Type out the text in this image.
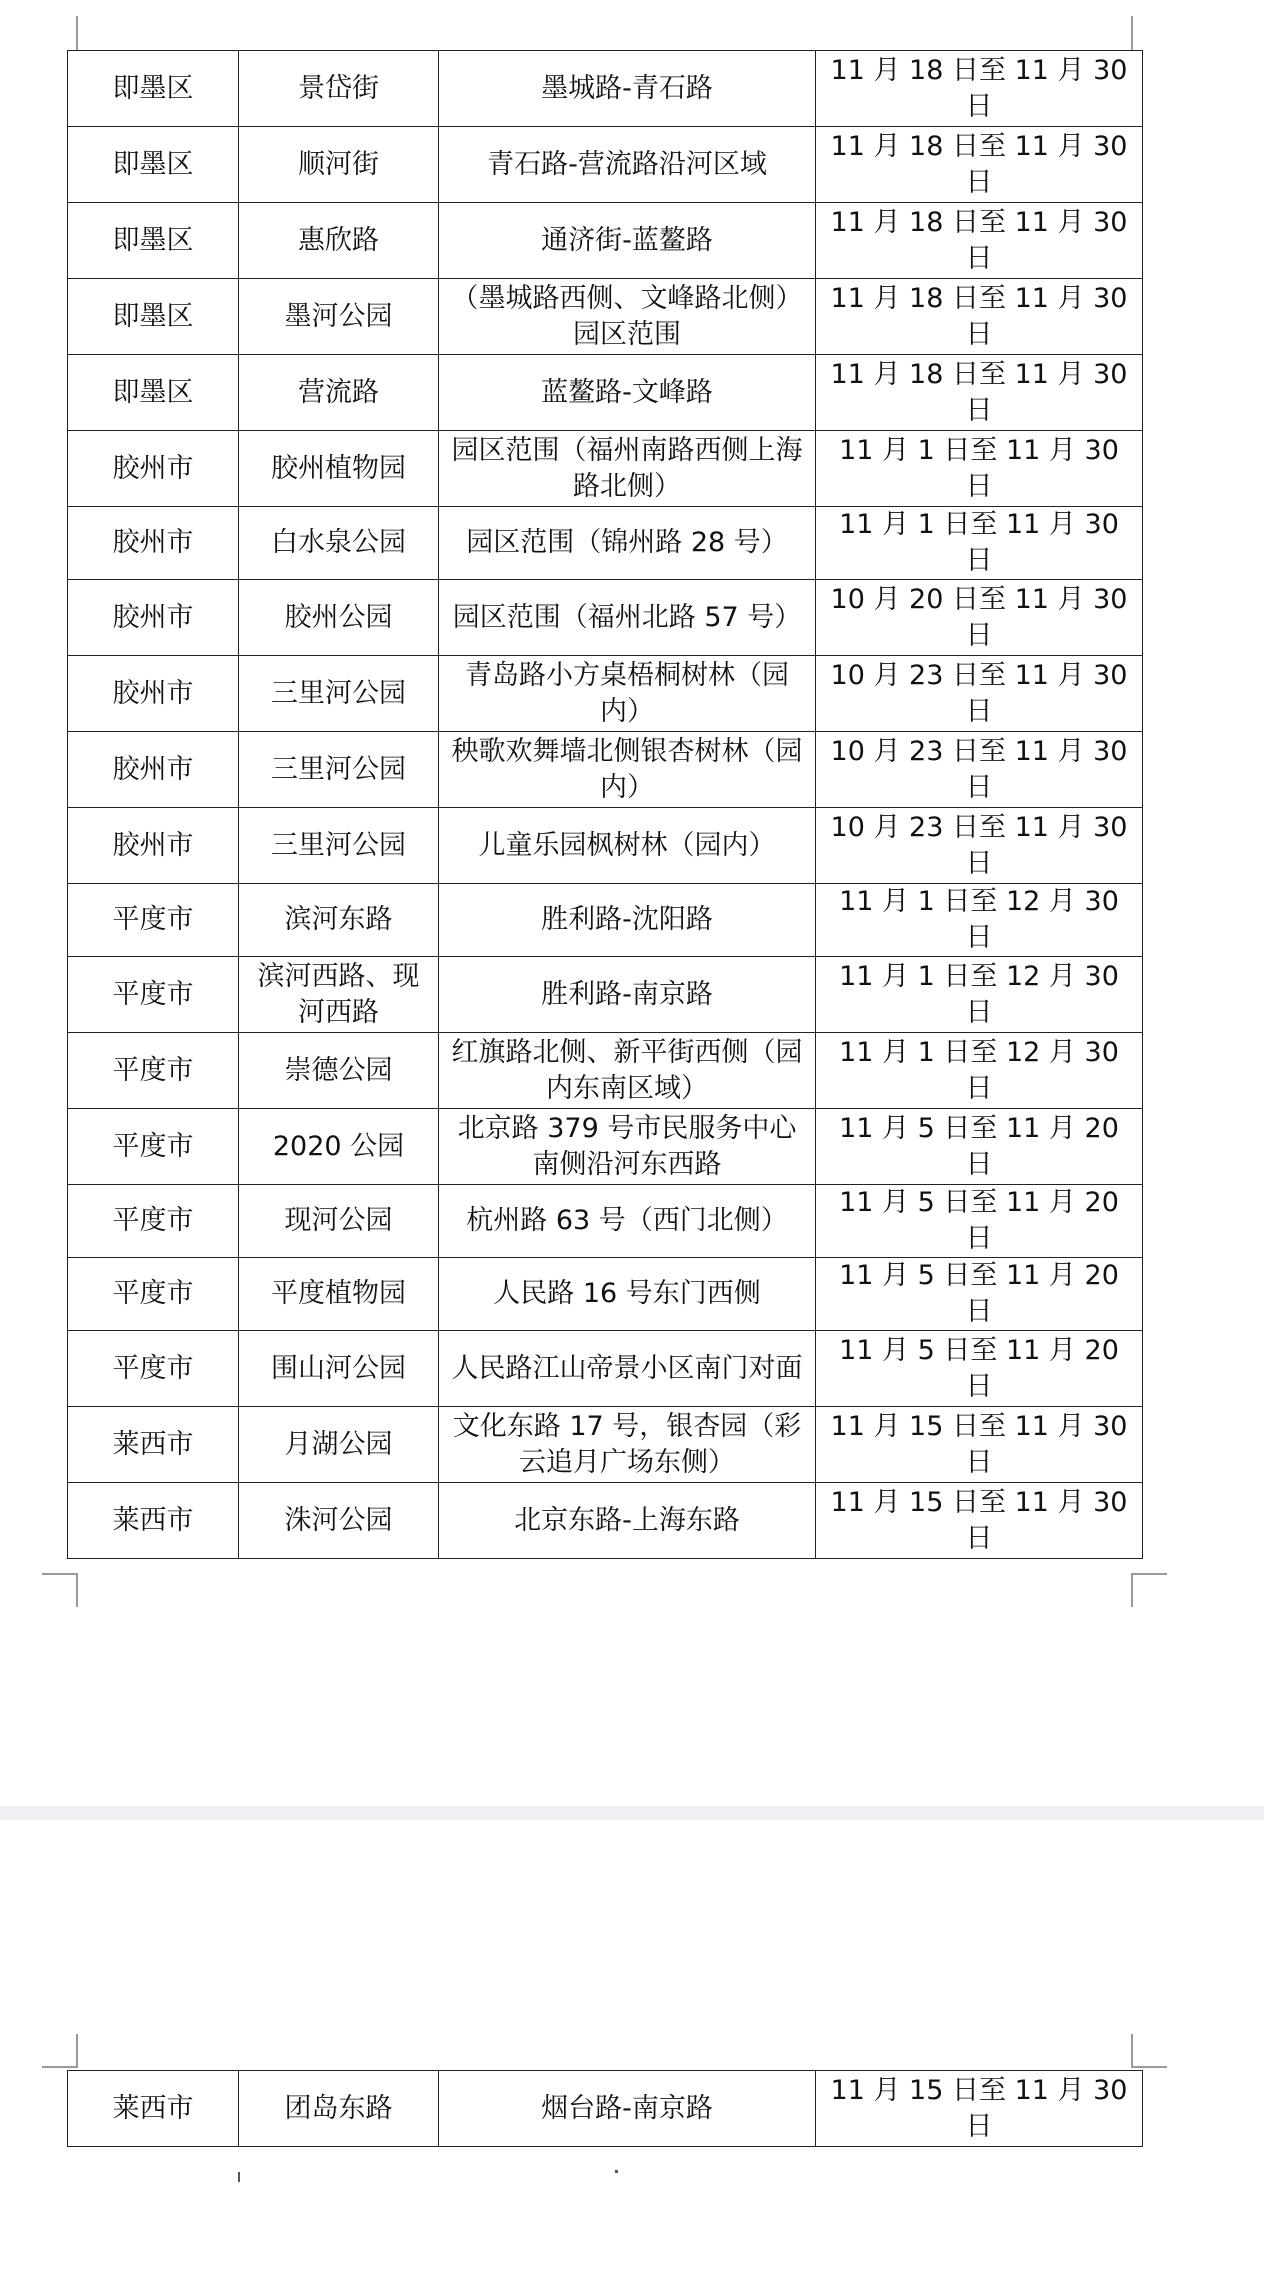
即墨区	景岱街	墨城路-青石路	11 月 18 日至 11 月 30 日
即墨区	顺河街	青石路-营流路沿河区域	11 月 18 日至 11 月 30 日
即墨区	惠欣路	通济街-蓝鳌路	11 月 18 日至 11 月 30 日
即墨区	墨河公园	（墨城路西侧、文峰路北侧）园区范围	11 月 18 日至 11 月 30 日
即墨区	营流路	蓝鳌路-文峰路	11 月 18 日至 11 月 30 日
胶州市	胶州植物园	园区范围（福州南路西侧上海路北侧）	11 月 1 日至 11 月 30 日
胶州市	白水泉公园	园区范围（锦州路 28 号）	11 月 1 日至 11 月 30 日
胶州市	胶州公园	园区范围（福州北路 57 号）	10 月 20 日至 11 月 30 日
胶州市	三里河公园	青岛路小方桌梧桐树林（园内）	10 月 23 日至 11 月 30 日
胶州市	三里河公园	秧歌欢舞墙北侧银杏树林（园内）	10 月 23 日至 11 月 30 日
胶州市	三里河公园	儿童乐园枫树林（园内）	10 月 23 日至 11 月 30 日
平度市	滨河东路	胜利路-沈阳路	11 月 1 日至 12 月 30 日
平度市	滨河西路、现河西路	胜利路-南京路	11 月 1 日至 12 月 30 日
平度市	崇德公园	红旗路北侧、新平街西侧（园内东南区域）	11 月 1 日至 12 月 30 日
平度市	2020 公园	北京路 379 号市民服务中心南侧沿河东西路	11 月 5 日至 11 月 20 日
平度市	现河公园	杭州路 63 号（西门北侧）	11 月 5 日至 11 月 20 日
平度市	平度植物园	人民路 16 号东门西侧	11 月 5 日至 11 月 20 日
平度市	围山河公园	人民路江山帝景小区南门对面	11 月 5 日至 11 月 20 日
莱西市	月湖公园	文化东路 17 号，银杏园（彩云追月广场东侧）	11 月 15 日至 11 月 30 日
莱西市	洙河公园	北京东路-上海东路	11 月 15 日至 11 月 30 日
莱西市	团岛东路	烟台路-南京路	11 月 15 日至 11 月 30 日
